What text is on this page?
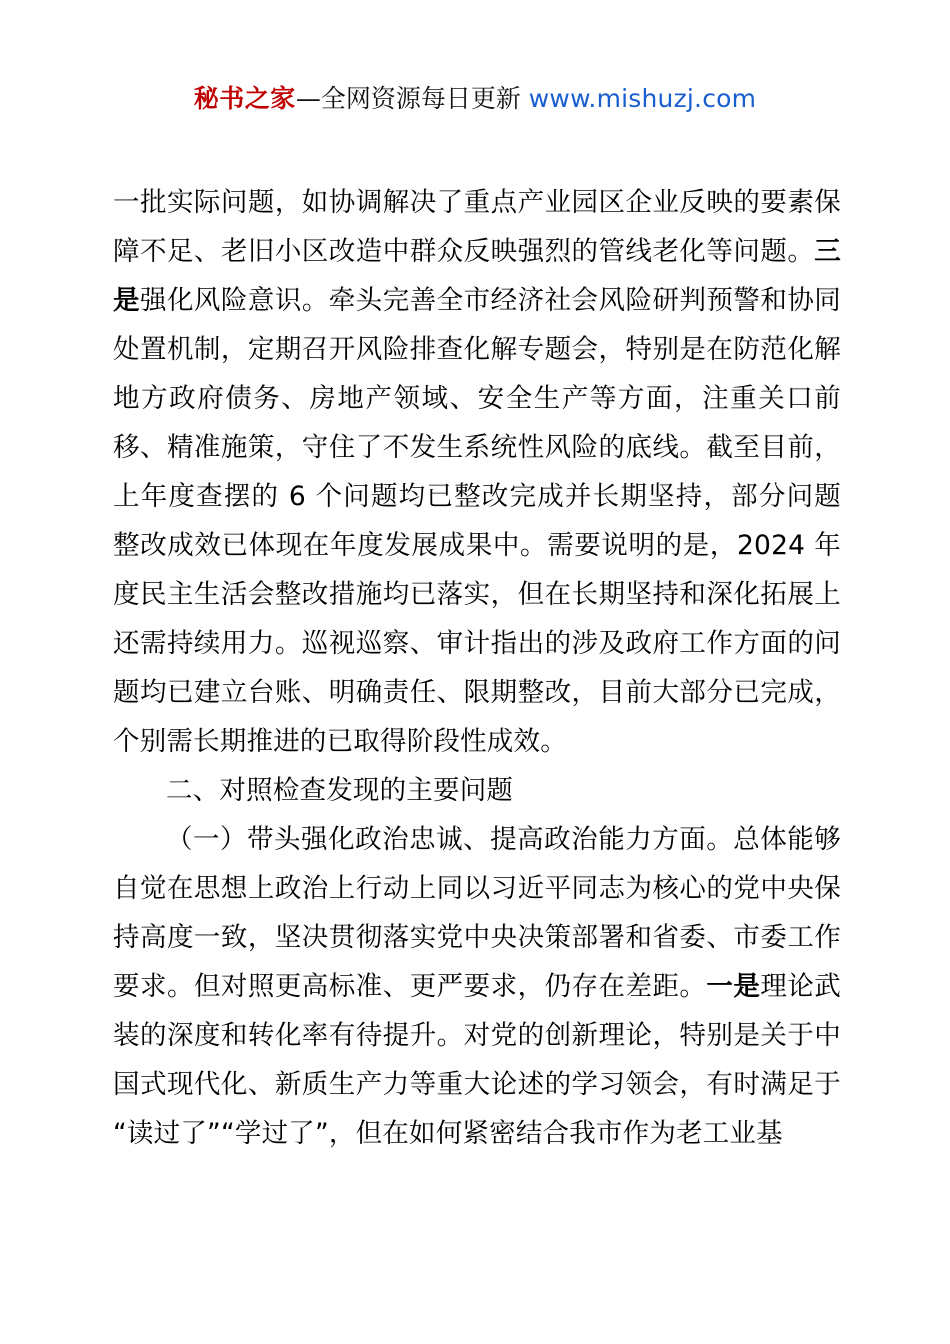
秘书之家—全网资源每日更新 www.mishuzj.com

一批实际问题，如协调解决了重点产业园区企业反映的要素保障不足、老旧小区改造中群众反映强烈的管线老化等问题。三是强化风险意识。牵头完善全市经济社会风险研判预警和协同处置机制，定期召开风险排查化解专题会，特别是在防范化解地方政府债务、房地产领域、安全生产等方面，注重关口前移、精准施策，守住了不发生系统性风险的底线。截至目前，上年度查摆的 6 个问题均已整改完成并长期坚持，部分问题整改成效已体现在年度发展成果中。需要说明的是，2024 年度民主生活会整改措施均已落实，但在长期坚持和深化拓展上还需持续用力。巡视巡察、审计指出的涉及政府工作方面的问题均已建立台账、明确责任、限期整改，目前大部分已完成，个别需长期推进的已取得阶段性成效。

二、对照检查发现的主要问题

（一）带头强化政治忠诚、提高政治能力方面。总体能够自觉在思想上政治上行动上同以习近平同志为核心的党中央保持高度一致，坚决贯彻落实党中央决策部署和省委、市委工作要求。但对照更高标准、更严要求，仍存在差距。一是理论武装的深度和转化率有待提升。对党的创新理论，特别是关于中国式现代化、新质生产力等重大论述的学习领会，有时满足于“读过了”“学过了”，但在如何紧密结合我市作为老工业基
